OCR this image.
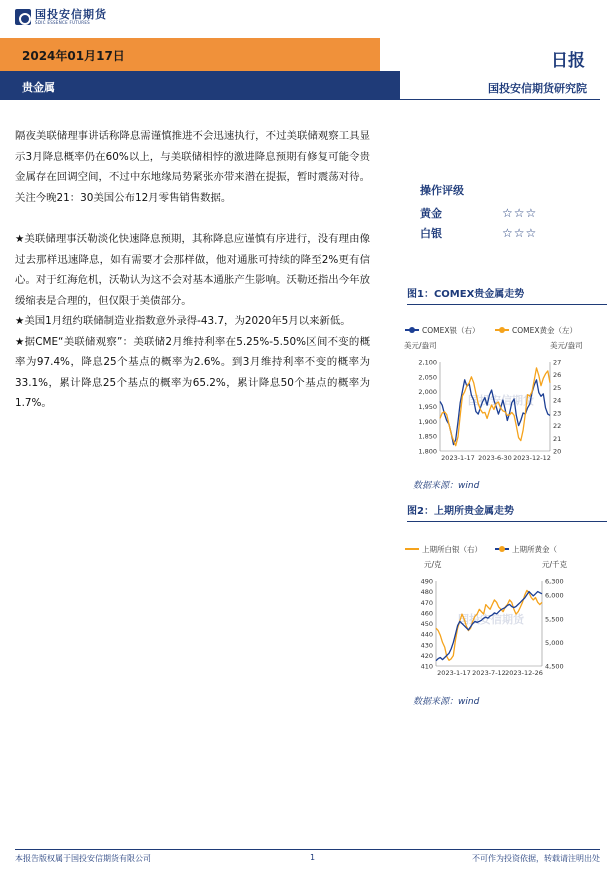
国投安信期货
SDIC ESSENCE FUTURES
2024年01月17日	日报
贵金属	国投安信期货研究院

隔夜美联储理事讲话称降息需谨慎推进不会迅速执行，不过美联储观察工具显示3月降息概率仍在60%以上，与美联储相悖的激进降息预期有修复可能令贵金属存在回调空间，不过中东地缘局势紧张亦带来潜在提振，暂时震荡对待。关注今晚21：30美国公布12月零售销售数据。

★美联储理事沃勒淡化快速降息预期，其称降息应谨慎有序进行，没有理由像过去那样迅速降息，如有需要才会那样做，他对通胀可持续的降至2%更有信心。对于红海危机，沃勒认为这不会对基本通胀产生影响。沃勒还指出今年放缓缩表是合理的，但仅限于美债部分。

★美国1月纽约联储制造业指数意外录得-43.7，为2020年5月以来新低。

★据CME“美联储观察”：美联储2月维持利率在5.25%-5.50%区间不变的概率为97.4%，降息25个基点的概率为2.6%。到3月维持利率不变的概率为33.1%，累计降息25个基点的概率为65.2%，累计降息50个基点的概率为1.7%。

操作评级
黄金	☆☆☆
白银	☆☆☆
图1：COMEX贵金属走势
国投安信期货
COMEX银（右）	COMEX黄金（左）
美元/盎司	美元/盎司
1,800
1,850
1,900
1,950
2,000
2,050
2,100
20
21
22
23
24
25
26
27
2023-1-17 2023-6-30 2023-12-12
数据来源：wind
图2：上期所贵金属走势
国投安信期货
上期所白银（右）	上期所黄金（
元/克	元/千克
410
420
430
440
450
460
470
480
490
4,500
5,000
5,500
6,000
6,300
2023-1-17 2023-7-12 2023-12-26
数据来源：wind
本报告版权属于国投安信期货有限公司	1	不可作为投资依据，转载请注明出处
